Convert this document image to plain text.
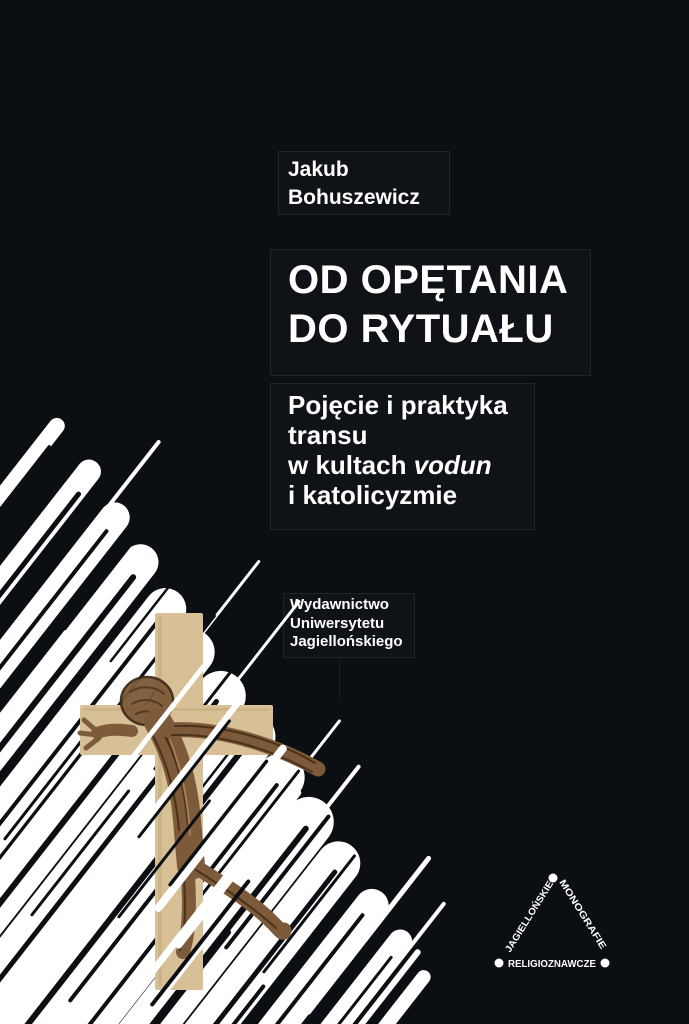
Jakub
Bohuszewicz
OD OPĘTANIA
DO RYTUAŁU
Pojęcie i praktyka
transu
w kultach vodun
i katolicyzmie
Wydawnictwo
Uniwersytetu
Jagiellońskiego
JAGIELLOŃSKIE MONOGRAFIE
RELIGIOZNAWCZE
